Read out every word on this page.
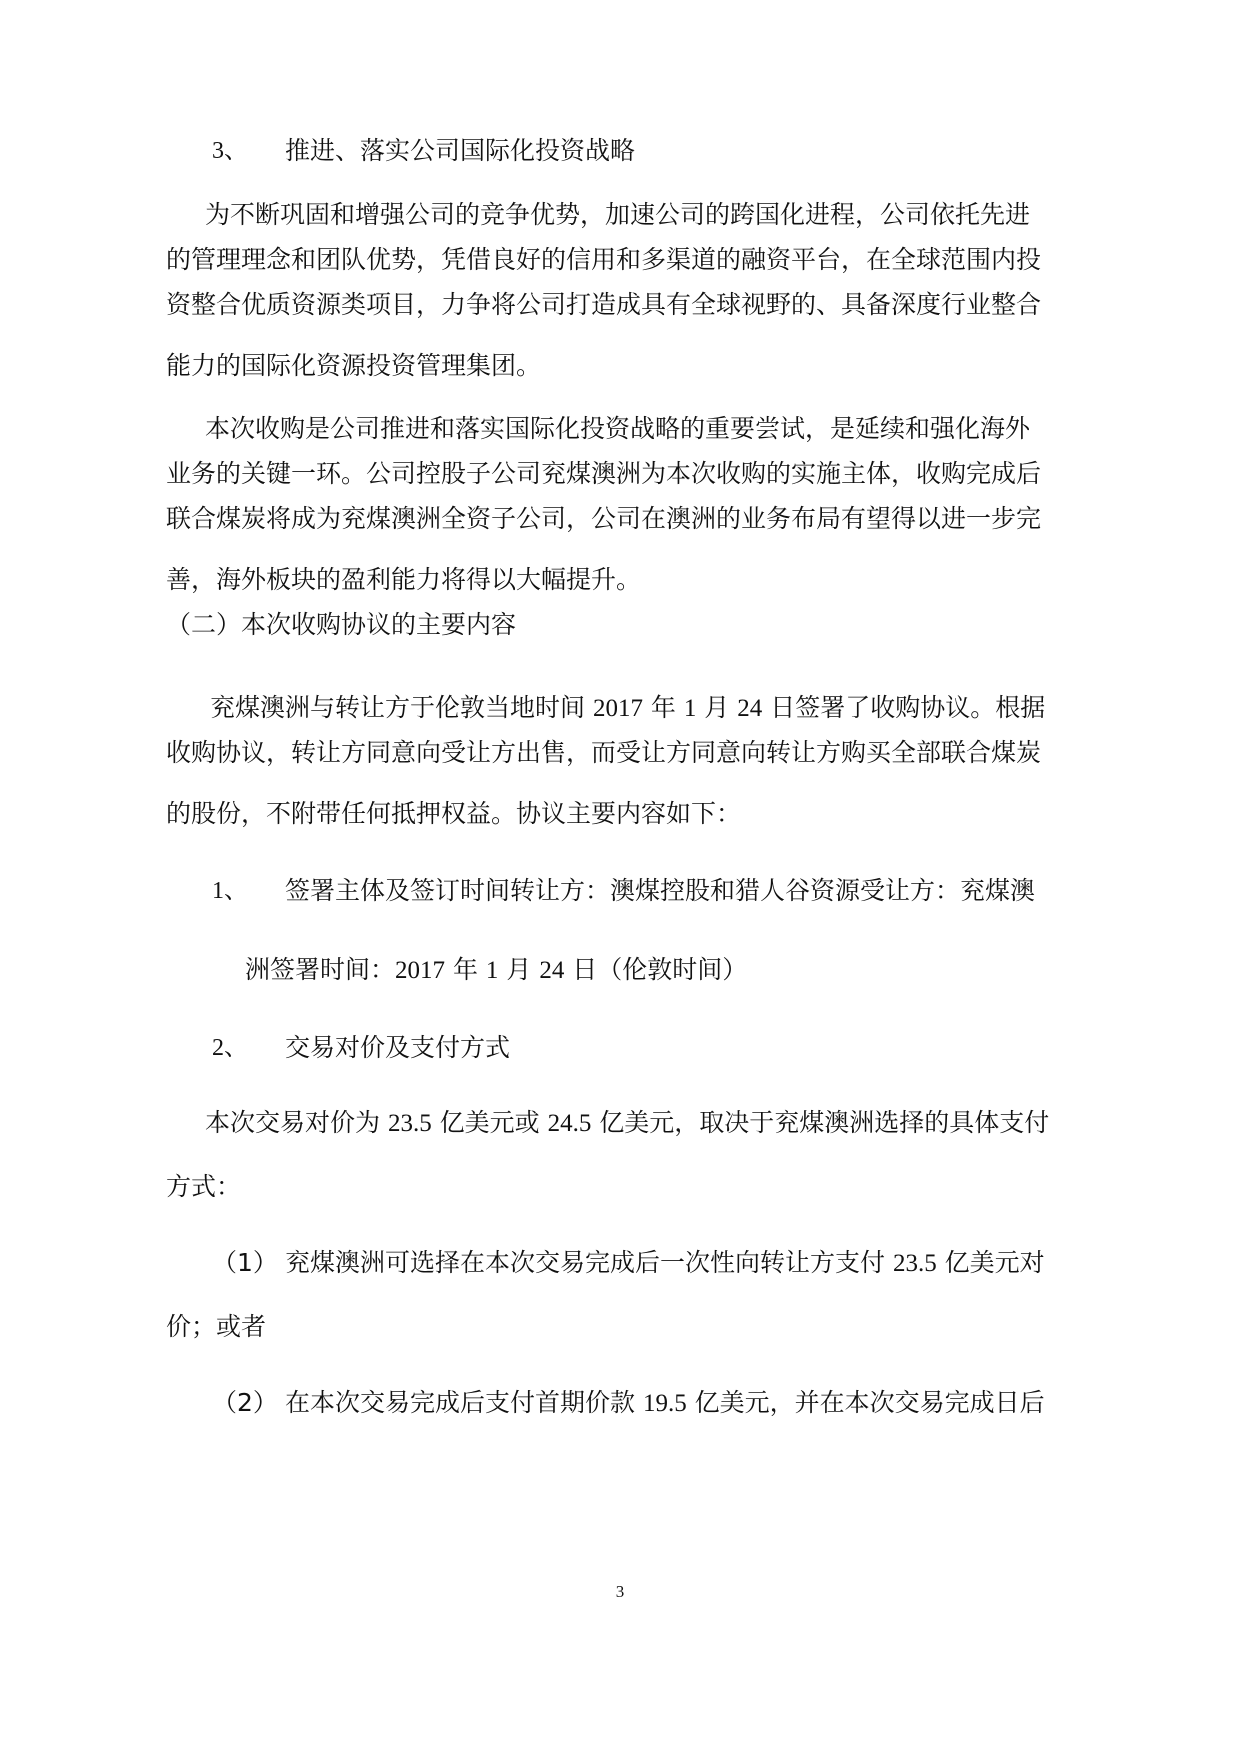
3、 推进、落实公司国际化投资战略
为不断巩固和增强公司的竞争优势，加速公司的跨国化进程，公司依托先进
的管理理念和团队优势，凭借良好的信用和多渠道的融资平台，在全球范围内投
资整合优质资源类项目，力争将公司打造成具有全球视野的、具备深度行业整合
能力的国际化资源投资管理集团。
本次收购是公司推进和落实国际化投资战略的重要尝试，是延续和强化海外
业务的关键一环。公司控股子公司兖煤澳洲为本次收购的实施主体，收购完成后
联合煤炭将成为兖煤澳洲全资子公司，公司在澳洲的业务布局有望得以进一步完
善，海外板块的盈利能力将得以大幅提升。
（二）本次收购协议的主要内容
兖煤澳洲与转让方于伦敦当地时间 2017 年 1 月 24 日签署了收购协议。根据
收购协议，转让方同意向受让方出售，而受让方同意向转让方购买全部联合煤炭
的股份，不附带任何抵押权益。协议主要内容如下：
1、 签署主体及签订时间转让方：澳煤控股和猎人谷资源受让方：兖煤澳
洲签署时间：2017 年 1 月 24 日（伦敦时间）
2、 交易对价及支付方式
本次交易对价为 23.5 亿美元或 24.5 亿美元，取决于兖煤澳洲选择的具体支付
方式：
（1） 兖煤澳洲可选择在本次交易完成后一次性向转让方支付 23.5 亿美元对
价；或者
（2） 在本次交易完成后支付首期价款 19.5 亿美元，并在本次交易完成日后
3
